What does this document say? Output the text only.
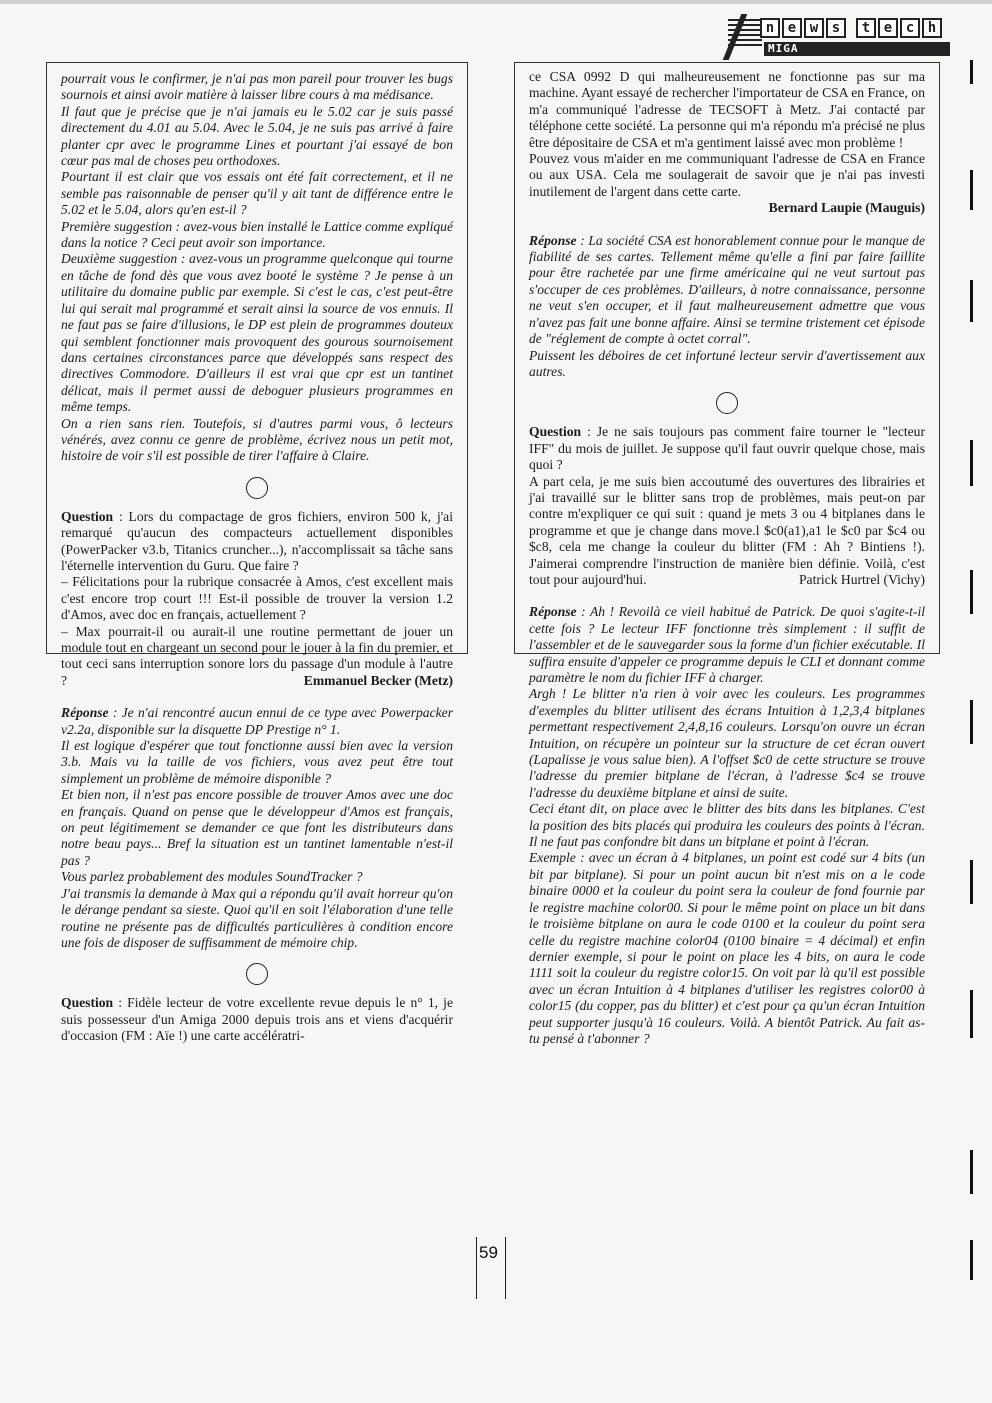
n e w s	t e c h
MIGA

pourrait vous le confirmer, je n'ai pas mon pareil pour trouver les bugs sournois et ainsi avoir matière à laisser libre cours à ma médisance.

Il faut que je précise que je n'ai jamais eu le 5.02 car je suis passé directement du 4.01 au 5.04. Avec le 5.04, je ne suis pas arrivé à faire planter cpr avec le programme Lines et pourtant j'ai essayé de bon cœur pas mal de choses peu orthodoxes.

Pourtant il est clair que vos essais ont été fait correctement, et il ne semble pas raisonnable de penser qu'il y ait tant de différence entre le 5.02 et le 5.04, alors qu'en est-il ?

Première suggestion : avez-vous bien installé le Lattice comme expliqué dans la notice ? Ceci peut avoir son importance.

Deuxième suggestion : avez-vous un programme quelconque qui tourne en tâche de fond dès que vous avez booté le système ? Je pense à un utilitaire du domaine public par exemple. Si c'est le cas, c'est peut-être lui qui serait mal programmé et serait ainsi la source de vos ennuis. Il ne faut pas se faire d'illusions, le DP est plein de programmes douteux qui semblent fonctionner mais provoquent des gourous sournoisement dans certaines circonstances parce que développés sans respect des directives Commodore. D'ailleurs il est vrai que cpr est un tantinet délicat, mais il permet aussi de deboguer plusieurs programmes en même temps.

On a rien sans rien. Toutefois, si d'autres parmi vous, ô lecteurs vénérés, avez connu ce genre de problème, écrivez nous un petit mot, histoire de voir s'il est possible de tirer l'affaire à Claire.

Question : Lors du compactage de gros fichiers, environ 500 k, j'ai remarqué qu'aucun des compacteurs actuellement disponibles (PowerPacker v3.b, Titanics cruncher...), n'accomplissait sa tâche sans l'éternelle intervention du Guru. Que faire ?

– Félicitations pour la rubrique consacrée à Amos, c'est excellent mais c'est encore trop court !!! Est-il possible de trouver la version 1.2 d'Amos, avec doc en français, actuellement ?

– Max pourrait-il ou aurait-il une routine permettant de jouer un module tout en chargeant un second pour le jouer à la fin du premier, et tout ceci sans interruption sonore lors du passage d'un module à l'autre ?	Emmanuel Becker (Metz)

Réponse : Je n'ai rencontré aucun ennui de ce type avec Powerpacker v2.2a, disponible sur la disquette DP Prestige n° 1.

Il est logique d'espérer que tout fonctionne aussi bien avec la version 3.b. Mais vu la taille de vos fichiers, vous avez peut être tout simplement un problème de mémoire disponible ?

Et bien non, il n'est pas encore possible de trouver Amos avec une doc en français. Quand on pense que le développeur d'Amos est français, on peut légitimement se demander ce que font les distributeurs dans notre beau pays... Bref la situation est un tantinet lamentable n'est-il pas ?

Vous parlez probablement des modules SoundTracker ?

J'ai transmis la demande à Max qui a répondu qu'il avait horreur qu'on le dérange pendant sa sieste. Quoi qu'il en soit l'élaboration d'une telle routine ne présente pas de difficultés particulières à condition encore une fois de disposer de suffisamment de mémoire chip.

Question : Fidèle lecteur de votre excellente revue depuis le n° 1, je suis possesseur d'un Amiga 2000 depuis trois ans et viens d'acquérir d'occasion (FM : Aïe !) une carte accélératri-

ce CSA 0992 D qui malheureusement ne fonctionne pas sur ma machine. Ayant essayé de rechercher l'importateur de CSA en France, on m'a communiqué l'adresse de TECSOFT à Metz. J'ai contacté par téléphone cette société. La personne qui m'a répondu m'a précisé ne plus être dépositaire de CSA et m'a gentiment laissé avec mon problème !

Pouvez vous m'aider en me communiquant l'adresse de CSA en France ou aux USA. Cela me soulagerait de savoir que je n'ai pas investi inutilement de l'argent dans cette carte.

Bernard Laupie (Mauguis)

Réponse : La société CSA est honorablement connue pour le manque de fiabilité de ses cartes. Tellement même qu'elle a fini par faire faillite pour être rachetée par une firme américaine qui ne veut surtout pas s'occuper de ces problèmes. D'ailleurs, à notre connaissance, personne ne veut s'en occuper, et il faut malheureusement admettre que vous n'avez pas fait une bonne affaire. Ainsi se termine tristement cet épisode de "réglement de compte à octet corral".

Puissent les déboires de cet infortuné lecteur servir d'avertissement aux autres.

Question : Je ne sais toujours pas comment faire tourner le "lecteur IFF" du mois de juillet. Je suppose qu'il faut ouvrir quelque chose, mais quoi ?

A part cela, je me suis bien accoutumé des ouvertures des librairies et j'ai travaillé sur le blitter sans trop de problèmes, mais peut-on par contre m'expliquer ce qui suit : quand je mets 3 ou 4 bitplanes dans le programme et que je change dans move.l $c0(a1),a1 le $c0 par $c4 ou $c8, cela me change la couleur du blitter (FM : Ah ? Bintiens !). J'aimerai comprendre l'instruction de manière bien définie. Voilà, c'est tout pour aujourd'hui.	Patrick Hurtrel (Vichy)

Réponse : Ah ! Revoilà ce vieil habitué de Patrick. De quoi s'agite-t-il cette fois ? Le lecteur IFF fonctionne très simplement : il suffit de l'assembler et de le sauvegarder sous la forme d'un fichier exécutable. Il suffira ensuite d'appeler ce programme depuis le CLI et donnant comme paramètre le nom du fichier IFF à charger.

Argh ! Le blitter n'a rien à voir avec les couleurs. Les programmes d'exemples du blitter utilisent des écrans Intuition à 1,2,3,4 bitplanes permettant respectivement 2,4,8,16 couleurs. Lorsqu'on ouvre un écran Intuition, on récupère un pointeur sur la structure de cet écran ouvert (Lapalisse je vous salue bien). A l'offset $c0 de cette structure se trouve l'adresse du premier bitplane de l'écran, à l'adresse $c4 se trouve l'adresse du deuxième bitplane et ainsi de suite.

Ceci étant dit, on place avec le blitter des bits dans les bitplanes. C'est la position des bits placés qui produira les couleurs des points à l'écran. Il ne faut pas confondre bit dans un bitplane et point à l'écran.

Exemple : avec un écran à 4 bitplanes, un point est codé sur 4 bits (un bit par bitplane). Si pour un point aucun bit n'est mis on a le code binaire 0000 et la couleur du point sera la couleur de fond fournie par le registre machine color00. Si pour le même point on place un bit dans le troisième bitplane on aura le code 0100 et la couleur du point sera celle du registre machine color04 (0100 binaire = 4 décimal) et enfin dernier exemple, si pour le point on place les 4 bits, on aura le code 1111 soit la couleur du registre color15. On voit par là qu'il est possible avec un écran Intuition à 4 bitplanes d'utiliser les registres color00 à color15 (du copper, pas du blitter) et c'est pour ça qu'un écran Intuition peut supporter jusqu'à 16 couleurs. Voilà. A bientôt Patrick. Au fait as-tu pensé à t'abonner ?

59
